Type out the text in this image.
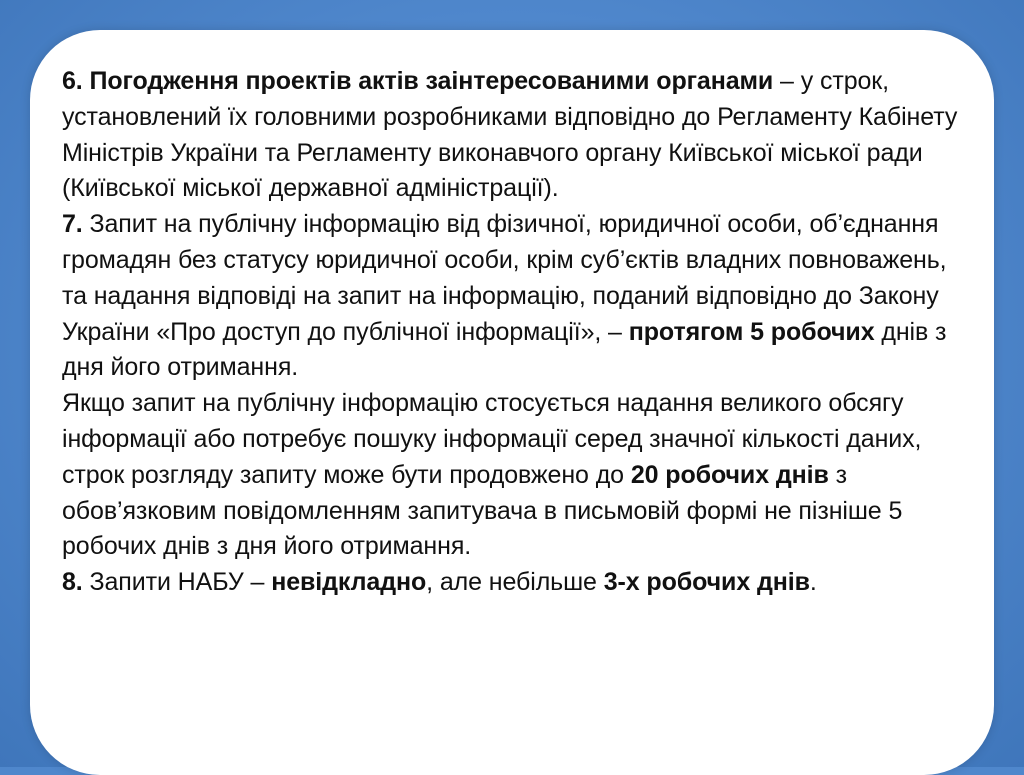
6. Погодження проектів актів заінтересованими органами – у строк, установлений їх головними розробниками відповідно до Регламенту Кабінету Міністрів України та Регламенту виконавчого органу Київської міської ради (Київської міської державної адміністрації).

7. Запит на публічну інформацію від фізичної, юридичної особи, об’єднання громадян без статусу юридичної особи, крім суб’єктів владних повноважень, та надання відповіді на запит на інформацію, поданий відповідно до Закону України «Про доступ до публічної інформації», – протягом 5 робочих днів з дня його отримання.

Якщо запит на публічну інформацію стосується надання великого обсягу інформації або потребує пошуку інформації серед значної кількості даних, строк розгляду запиту може бути продовжено до 20 робочих днів з обов’язковим повідомленням запитувача в письмовій формі не пізніше 5 робочих днів з дня його отримання.

8. Запити НАБУ – невідкладно, але небільше 3-х робочих днів.
